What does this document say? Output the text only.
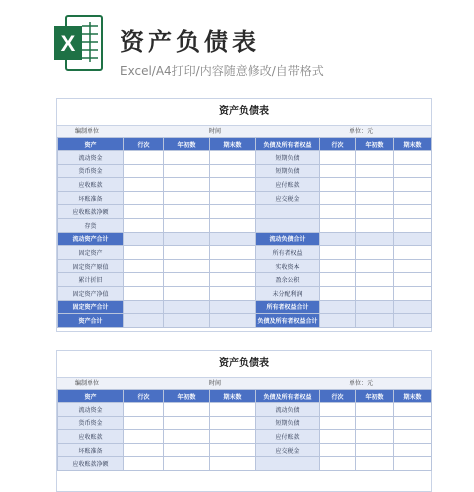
X 资产负债表
Excel/A4打印/内容随意修改/自带格式
资产负债表
编制单位	时间	单位：元
资产	行次	年初数	期末数	负债及所有者权益	行次	年初数	期末数
流动资金				短期负债			
货币资金				短期负债			
应收账款				应付账款			
坏账准备				应交税金			
应收账款净额							
存货							
流动资产合计				流动负债合计			
固定资产				所有者权益			
固定资产原值				实收资本			
累计折旧				盈余公积			
固定资产净值				未分配利润			
固定资产合计				所有者权益合计			
资产合计				负债及所有者权益合计			
资产负债表
编制单位	时间	单位：元
资产	行次	年初数	期末数	负债及所有者权益	行次	年初数	期末数
流动资金				流动负债			
货币资金				短期负债			
应收账款				应付账款			
坏账准备				应交税金			
应收账款净额							
